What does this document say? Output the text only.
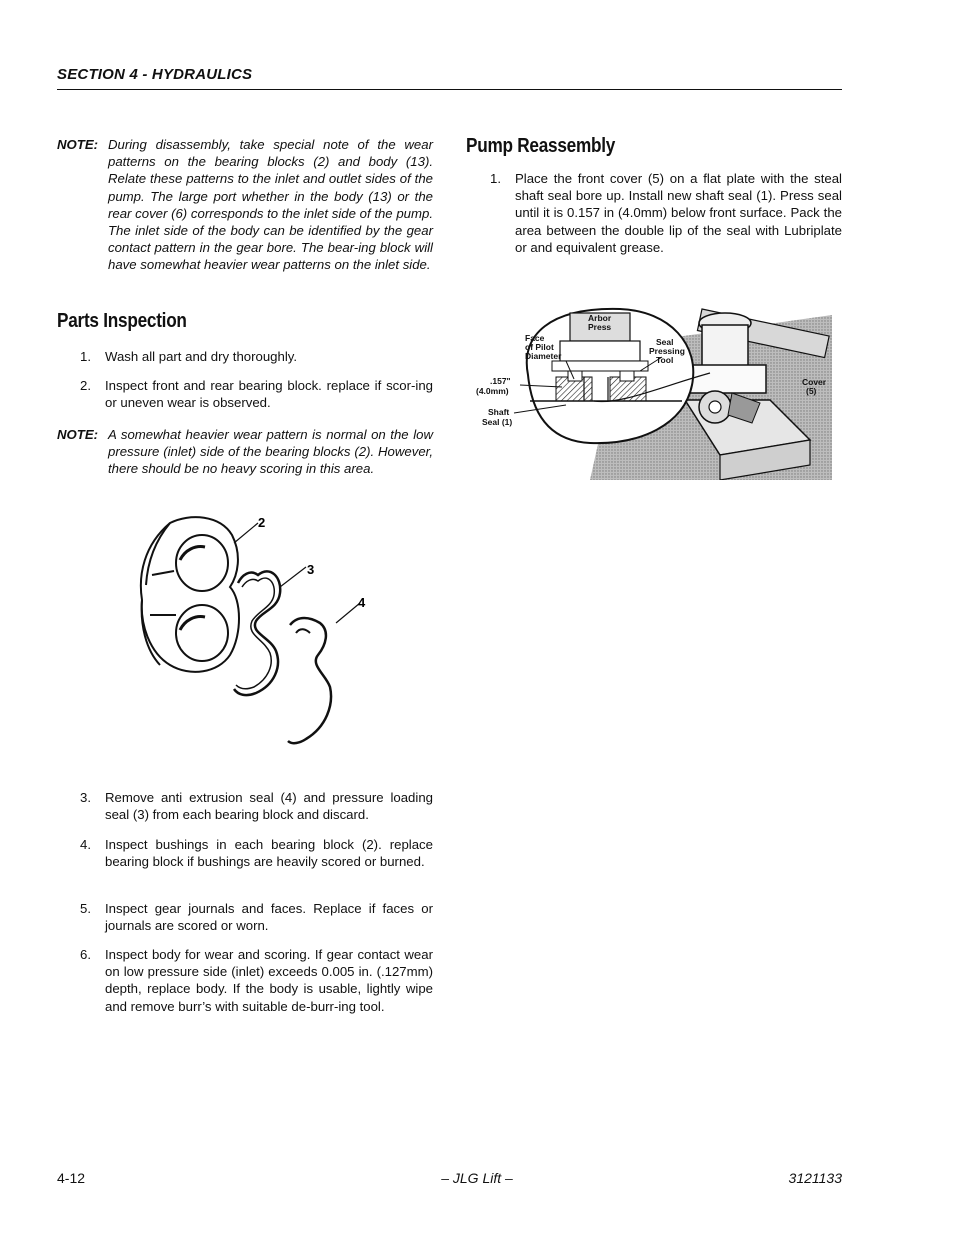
SECTION 4 - HYDRAULICS
NOTE: During disassembly, take special note of the wear patterns on the bearing blocks (2) and body (13). Relate these patterns to the inlet and outlet sides of the pump. The large port whether in the body (13) or the rear cover (6) corresponds to the inlet side of the pump. The inlet side of the body can be identified by the gear contact pattern in the gear bore. The bear-ing block will have somewhat heavier wear patterns on the inlet side.
Parts Inspection
1. Wash all part and dry thoroughly.
2. Inspect front and rear bearing block. replace if scor-ing or uneven wear is observed.
NOTE: A somewhat heavier wear pattern is normal on the low pressure (inlet) side of the bearing blocks (2). However, there should be no heavy scoring in this area.
2
3
4
3. Remove anti extrusion seal (4) and pressure loading seal (3) from each bearing block and discard.
4. Inspect bushings in each bearing block (2). replace bearing block if bushings are heavily scored or burned.
5. Inspect gear journals and faces. Replace if faces or journals are scored or worn.
6. Inspect body for wear and scoring. If gear contact wear on low pressure side (inlet) exceeds 0.005 in. (.127mm) depth, replace body. If the body is usable, lightly wipe and remove burr’s with suitable de-burr-ing tool.
Pump Reassembly
1. Place the front cover (5) on a flat plate with the steal shaft seal bore up. Install new shaft seal (1). Press seal until it is 0.157 in (4.0mm) below front surface. Pack the area between the double lip of the seal with Lubriplate or and equivalent grease.
Arbor
Press
Face
of Pilot
Diameter
Seal
Pressing
Tool
.157"
(4.0mm)
Shaft
Seal (1)
Cover
(5)
4-12	– JLG Lift –	3121133
